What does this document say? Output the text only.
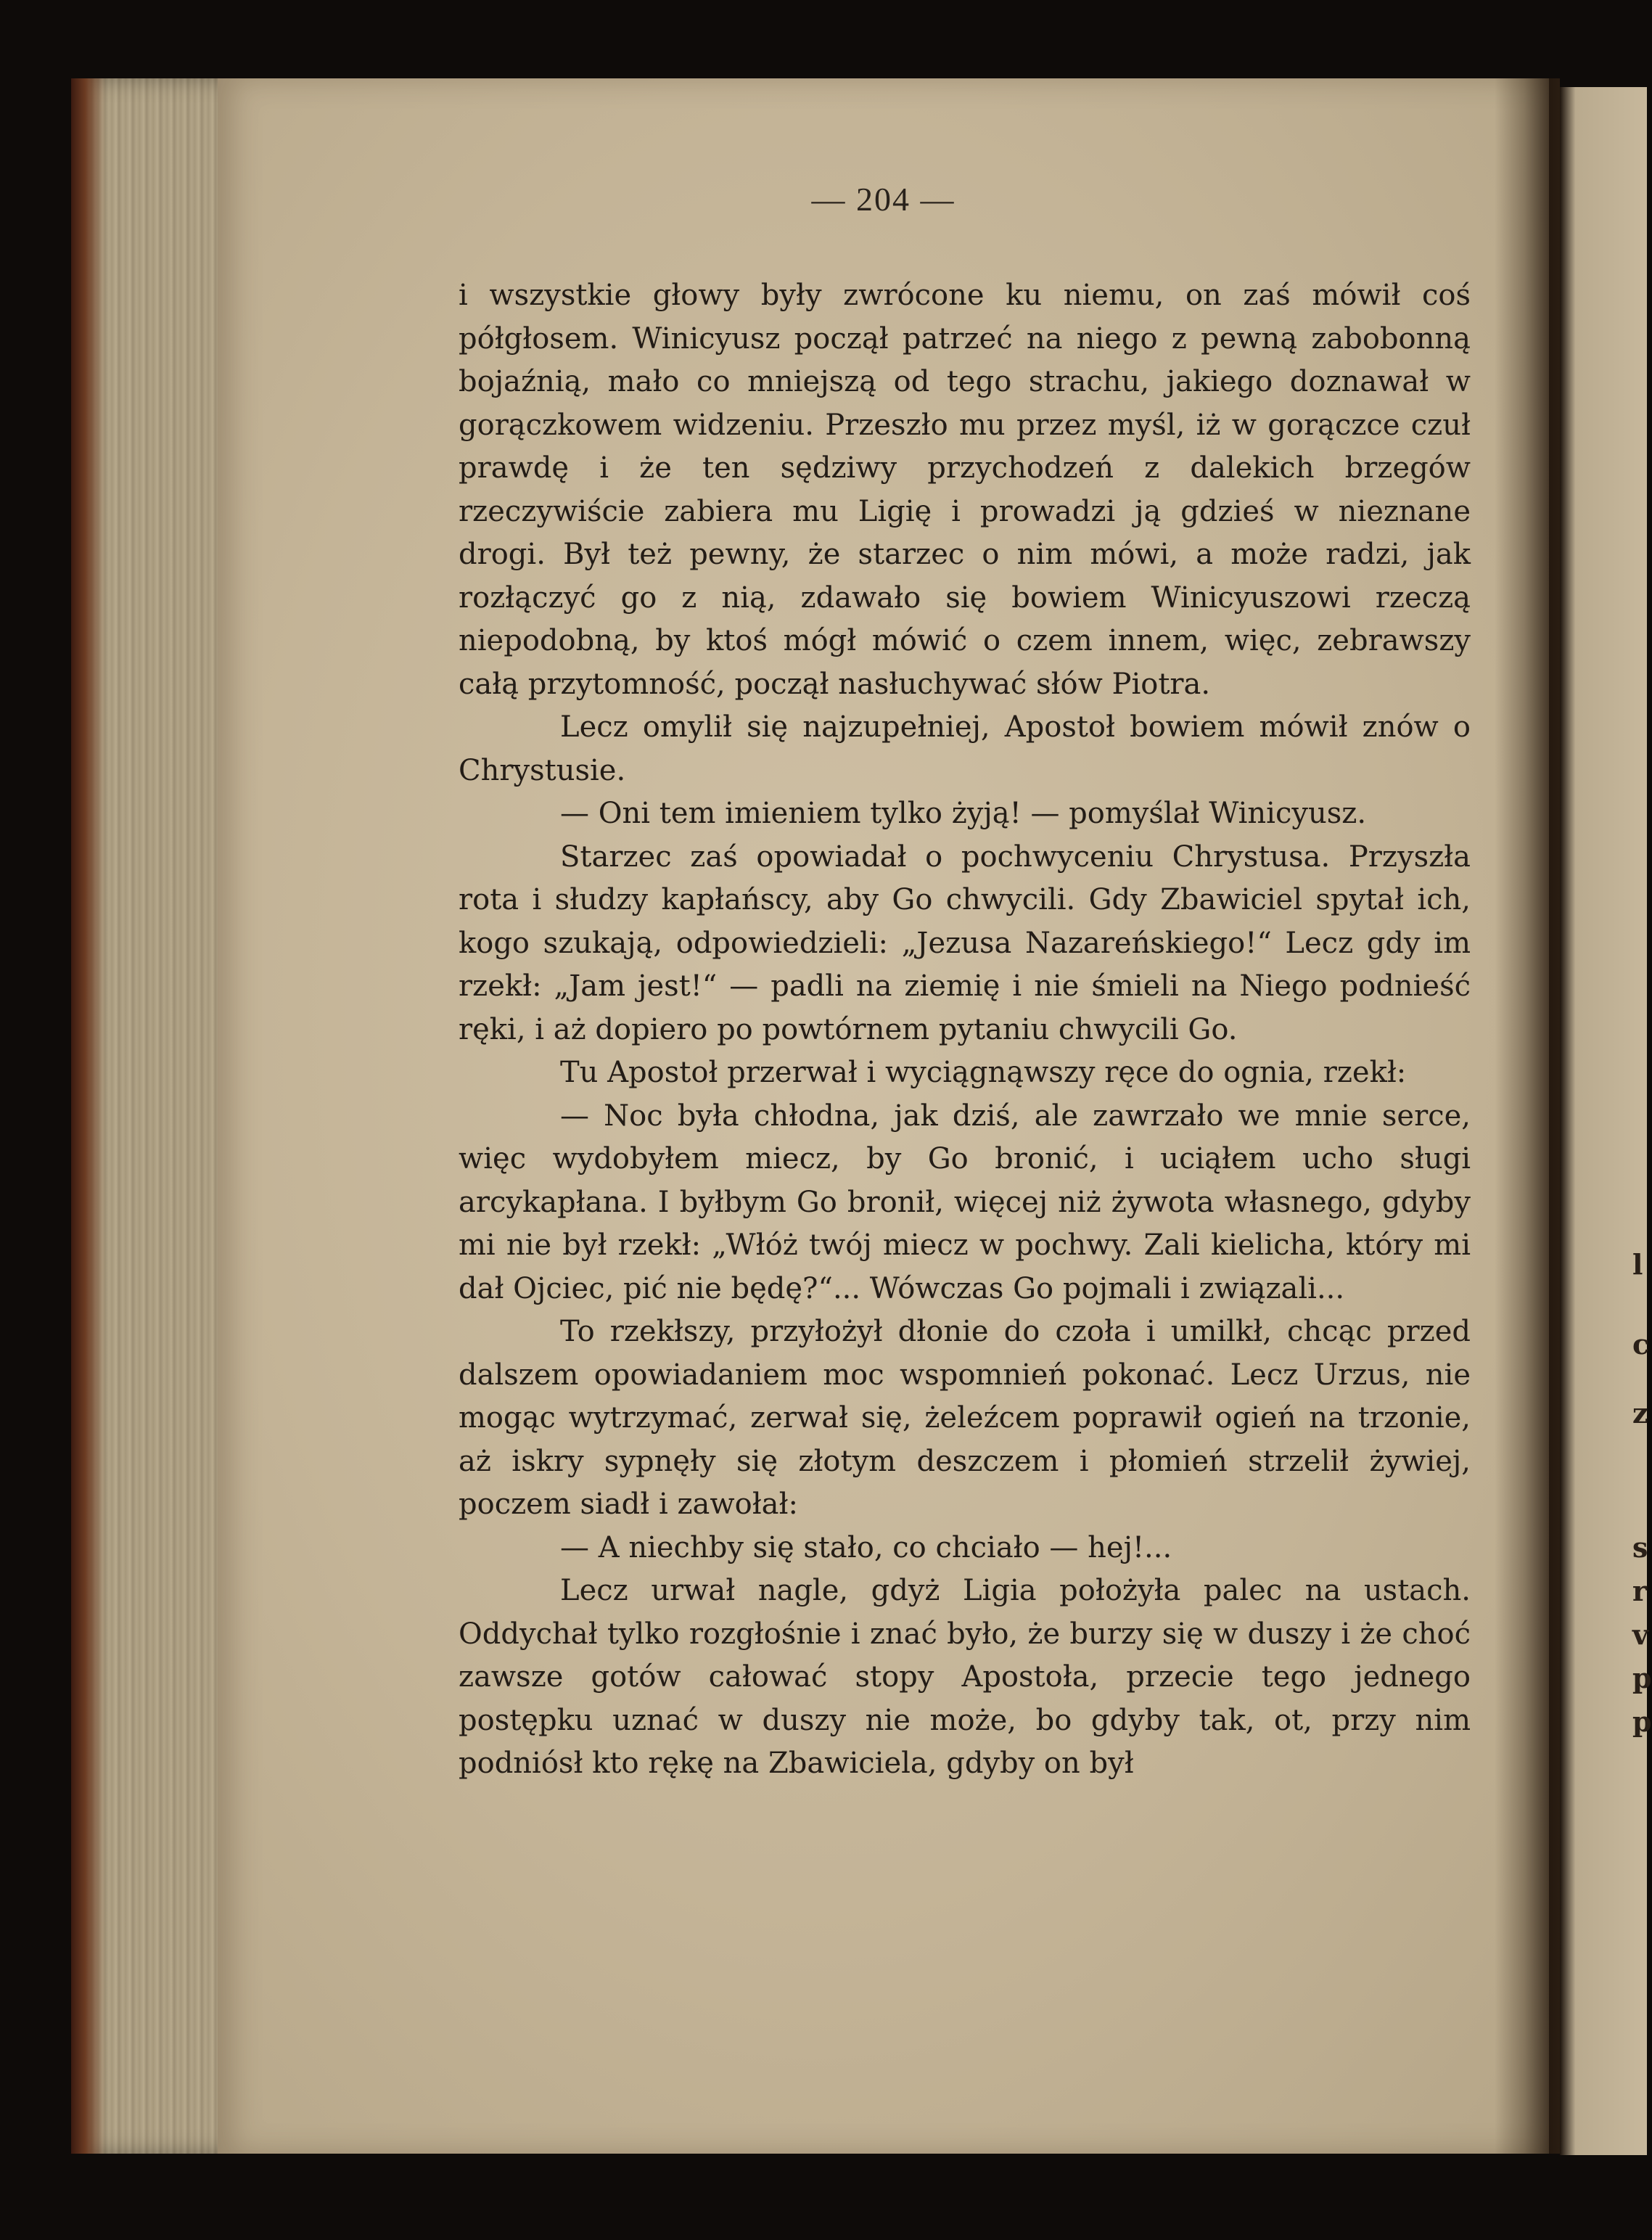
l
c
z
s
r
v
p
p
— 204 —

i wszystkie głowy były zwrócone ku niemu, on zaś mówił coś półgłosem. Winicyusz począł patrzeć na niego z pewną zabobonną bojaźnią, mało co mniejszą od tego strachu, jakiego doznawał w gorączkowem widzeniu. Przeszło mu przez myśl, iż w gorączce czuł prawdę i że ten sędziwy przychodzeń z dalekich brzegów rzeczywiście zabiera mu Ligię i prowadzi ją gdzieś w nieznane drogi. Był też pewny, że starzec o nim mówi, a może radzi, jak rozłączyć go z nią, zdawało się bowiem Winicyuszowi rzeczą niepodobną, by ktoś mógł mówić o czem innem, więc, zebrawszy całą przytomność, począł nasłuchywać słów Piotra.

Lecz omylił się najzupełniej, Apostoł bowiem mówił znów o Chrystusie.

— Oni tem imieniem tylko żyją! — pomyślał Winicyusz.

Starzec zaś opowiadał o pochwyceniu Chrystusa. Przyszła rota i słudzy kapłańscy, aby Go chwycili. Gdy Zbawiciel spytał ich, kogo szukają, odpowiedzieli: „Jezusa Nazareńskiego!“ Lecz gdy im rzekł: „Jam jest!“ — padli na ziemię i nie śmieli na Niego podnieść ręki, i aż dopiero po powtórnem pytaniu chwycili Go.

Tu Apostoł przerwał i wyciągnąwszy ręce do ognia, rzekł:

— Noc była chłodna, jak dziś, ale zawrzało we mnie serce, więc wydobyłem miecz, by Go bronić, i uciąłem ucho sługi arcykapłana. I byłbym Go bronił, więcej niż żywota własnego, gdyby mi nie był rzekł: „Włóż twój miecz w pochwy. Zali kielicha, który mi dał Ojciec, pić nie będę?“... Wówczas Go pojmali i związali...

To rzekłszy, przyłożył dłonie do czoła i umilkł, chcąc przed dalszem opowiadaniem moc wspomnień pokonać. Lecz Urzus, nie mogąc wytrzymać, zerwał się, żeleźcem poprawił ogień na trzonie, aż iskry sypnęły się złotym deszczem i płomień strzelił żywiej, poczem siadł i zawołał:

— A niechby się stało, co chciało — hej!...

Lecz urwał nagle, gdyż Ligia położyła palec na ustach. Oddychał tylko rozgłośnie i znać było, że burzy się w duszy i że choć zawsze gotów całować stopy Apostoła, przecie tego jednego postępku uznać w duszy nie może, bo gdyby tak, ot, przy nim podniósł kto rękę na Zbawiciela, gdyby on był
